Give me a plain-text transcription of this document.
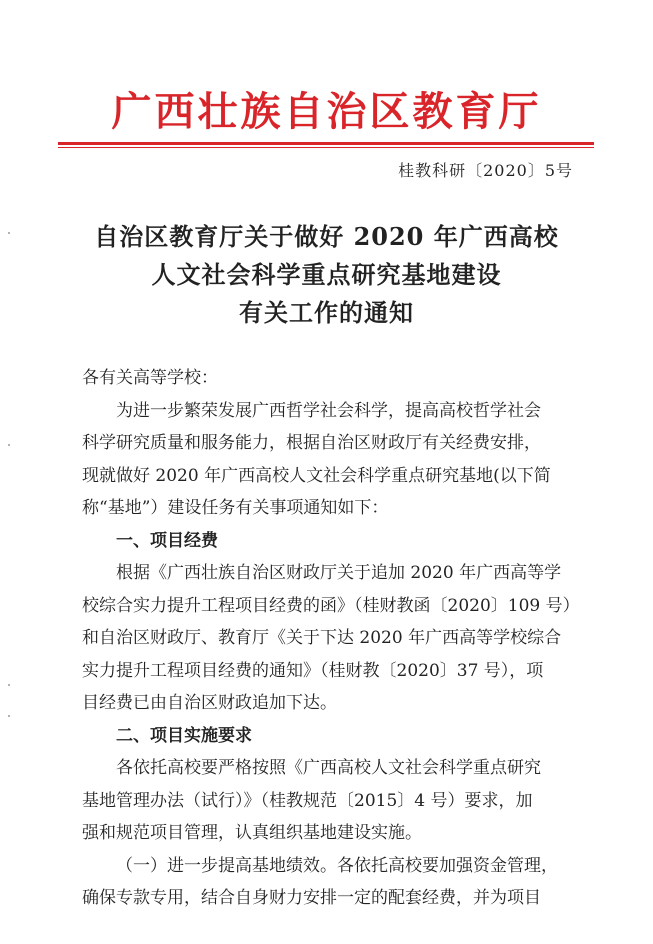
广西壮族自治区教育厅
桂教科研〔2020〕5号
自治区教育厅关于做好 2020 年广西高校
人文社会科学重点研究基地建设
有关工作的通知

各有关高等学校：

为进一步繁荣发展广西哲学社会科学，提高高校哲学社会
科学研究质量和服务能力，根据自治区财政厅有关经费安排，
现就做好 2020 年广西高校人文社会科学重点研究基地(以下简
称“基地”）建设任务有关事项通知如下：

一、项目经费

根据《广西壮族自治区财政厅关于追加 2020 年广西高等学
校综合实力提升工程项目经费的函》（桂财教函〔2020〕109 号）
和自治区财政厅、教育厅《关于下达 2020 年广西高等学校综合
实力提升工程项目经费的通知》（桂财教〔2020〕37 号），项
目经费已由自治区财政追加下达。

二、项目实施要求

各依托高校要严格按照《广西高校人文社会科学重点研究
基地管理办法（试行）》（桂教规范〔2015〕4 号）要求，加
强和规范项目管理，认真组织基地建设实施。

（一）进一步提高基地绩效。各依托高校要加强资金管理，
确保专款专用，结合自身财力安排一定的配套经费，并为项目
